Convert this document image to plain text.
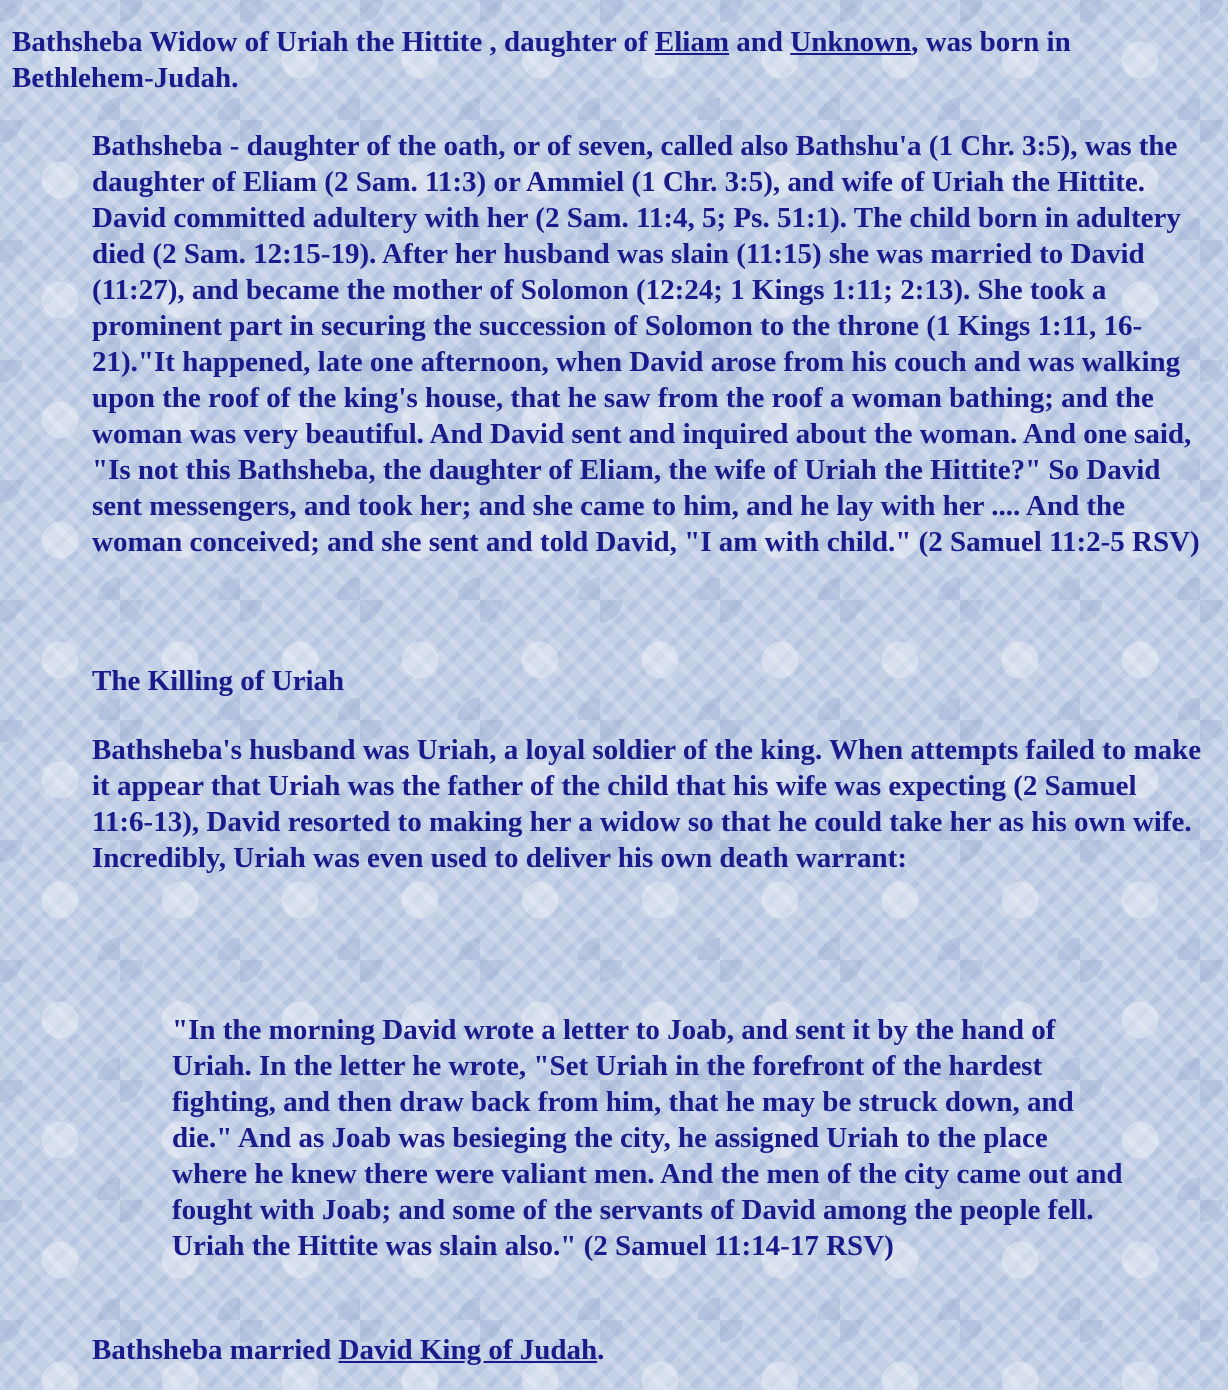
Bathsheba Widow of Uriah the Hittite , daughter of Eliam and Unknown, was born in Bethlehem-Judah.

Bathsheba - daughter of the oath, or of seven, called also Bathshu'a (1 Chr. 3:5), was the daughter of Eliam (2 Sam. 11:3) or Ammiel (1 Chr. 3:5), and wife of Uriah the Hittite. David committed adultery with her (2 Sam. 11:4, 5; Ps. 51:1). The child born in adultery died (2 Sam. 12:15-19). After her husband was slain (11:15) she was married to David (11:27), and became the mother of Solomon (12:24; 1 Kings 1:11; 2:13). She took a prominent part in securing the succession of Solomon to the throne (1 Kings 1:11, 16-21)."It happened, late one afternoon, when David arose from his couch and was walking upon the roof of the king's house, that he saw from the roof a woman bathing; and the woman was very beautiful. And David sent and inquired about the woman. And one said, "Is not this Bathsheba, the daughter of Eliam, the wife of Uriah the Hittite?" So David sent messengers, and took her; and she came to him, and he lay with her .... And the woman conceived; and she sent and told David, "I am with child." (2 Samuel 11:2-5 RSV)

The Killing of Uriah

Bathsheba's husband was Uriah, a loyal soldier of the king. When attempts failed to make it appear that Uriah was the father of the child that his wife was expecting (2 Samuel 11:6-13), David resorted to making her a widow so that he could take her as his own wife. Incredibly, Uriah was even used to deliver his own death warrant:

"In the morning David wrote a letter to Joab, and sent it by the hand of Uriah. In the letter he wrote, "Set Uriah in the forefront of the hardest fighting, and then draw back from him, that he may be struck down, and die." And as Joab was besieging the city, he assigned Uriah to the place where he knew there were valiant men. And the men of the city came out and fought with Joab; and some of the servants of David among the people fell. Uriah the Hittite was slain also." (2 Samuel 11:14-17 RSV)

Bathsheba married David King of Judah.
